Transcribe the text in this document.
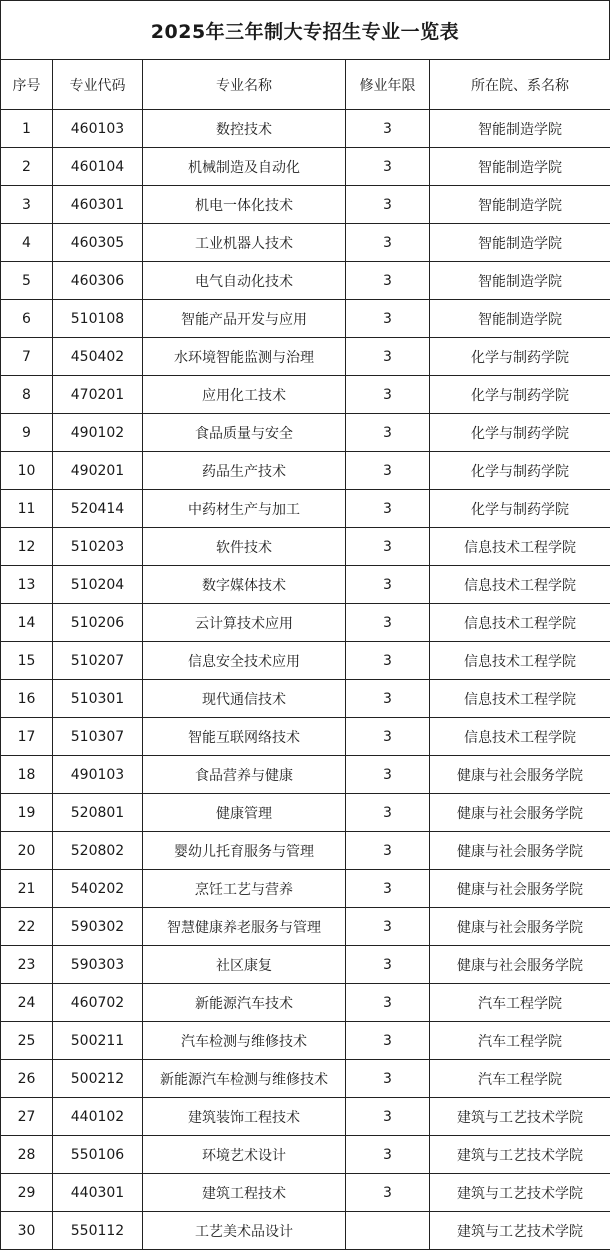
2025年三年制大专招生专业一览表
序号	专业代码	专业名称	修业年限	所在院、系名称
1	460103	数控技术	3	智能制造学院
2	460104	机械制造及自动化	3	智能制造学院
3	460301	机电一体化技术	3	智能制造学院
4	460305	工业机器人技术	3	智能制造学院
5	460306	电气自动化技术	3	智能制造学院
6	510108	智能产品开发与应用	3	智能制造学院
7	450402	水环境智能监测与治理	3	化学与制药学院
8	470201	应用化工技术	3	化学与制药学院
9	490102	食品质量与安全	3	化学与制药学院
10	490201	药品生产技术	3	化学与制药学院
11	520414	中药材生产与加工	3	化学与制药学院
12	510203	软件技术	3	信息技术工程学院
13	510204	数字媒体技术	3	信息技术工程学院
14	510206	云计算技术应用	3	信息技术工程学院
15	510207	信息安全技术应用	3	信息技术工程学院
16	510301	现代通信技术	3	信息技术工程学院
17	510307	智能互联网络技术	3	信息技术工程学院
18	490103	食品营养与健康	3	健康与社会服务学院
19	520801	健康管理	3	健康与社会服务学院
20	520802	婴幼儿托育服务与管理	3	健康与社会服务学院
21	540202	烹饪工艺与营养	3	健康与社会服务学院
22	590302	智慧健康养老服务与管理	3	健康与社会服务学院
23	590303	社区康复	3	健康与社会服务学院
24	460702	新能源汽车技术	3	汽车工程学院
25	500211	汽车检测与维修技术	3	汽车工程学院
26	500212	新能源汽车检测与维修技术	3	汽车工程学院
27	440102	建筑装饰工程技术	3	建筑与工艺技术学院
28	550106	环境艺术设计	3	建筑与工艺技术学院
29	440301	建筑工程技术	3	建筑与工艺技术学院
30	550112	工艺美术品设计		建筑与工艺技术学院
